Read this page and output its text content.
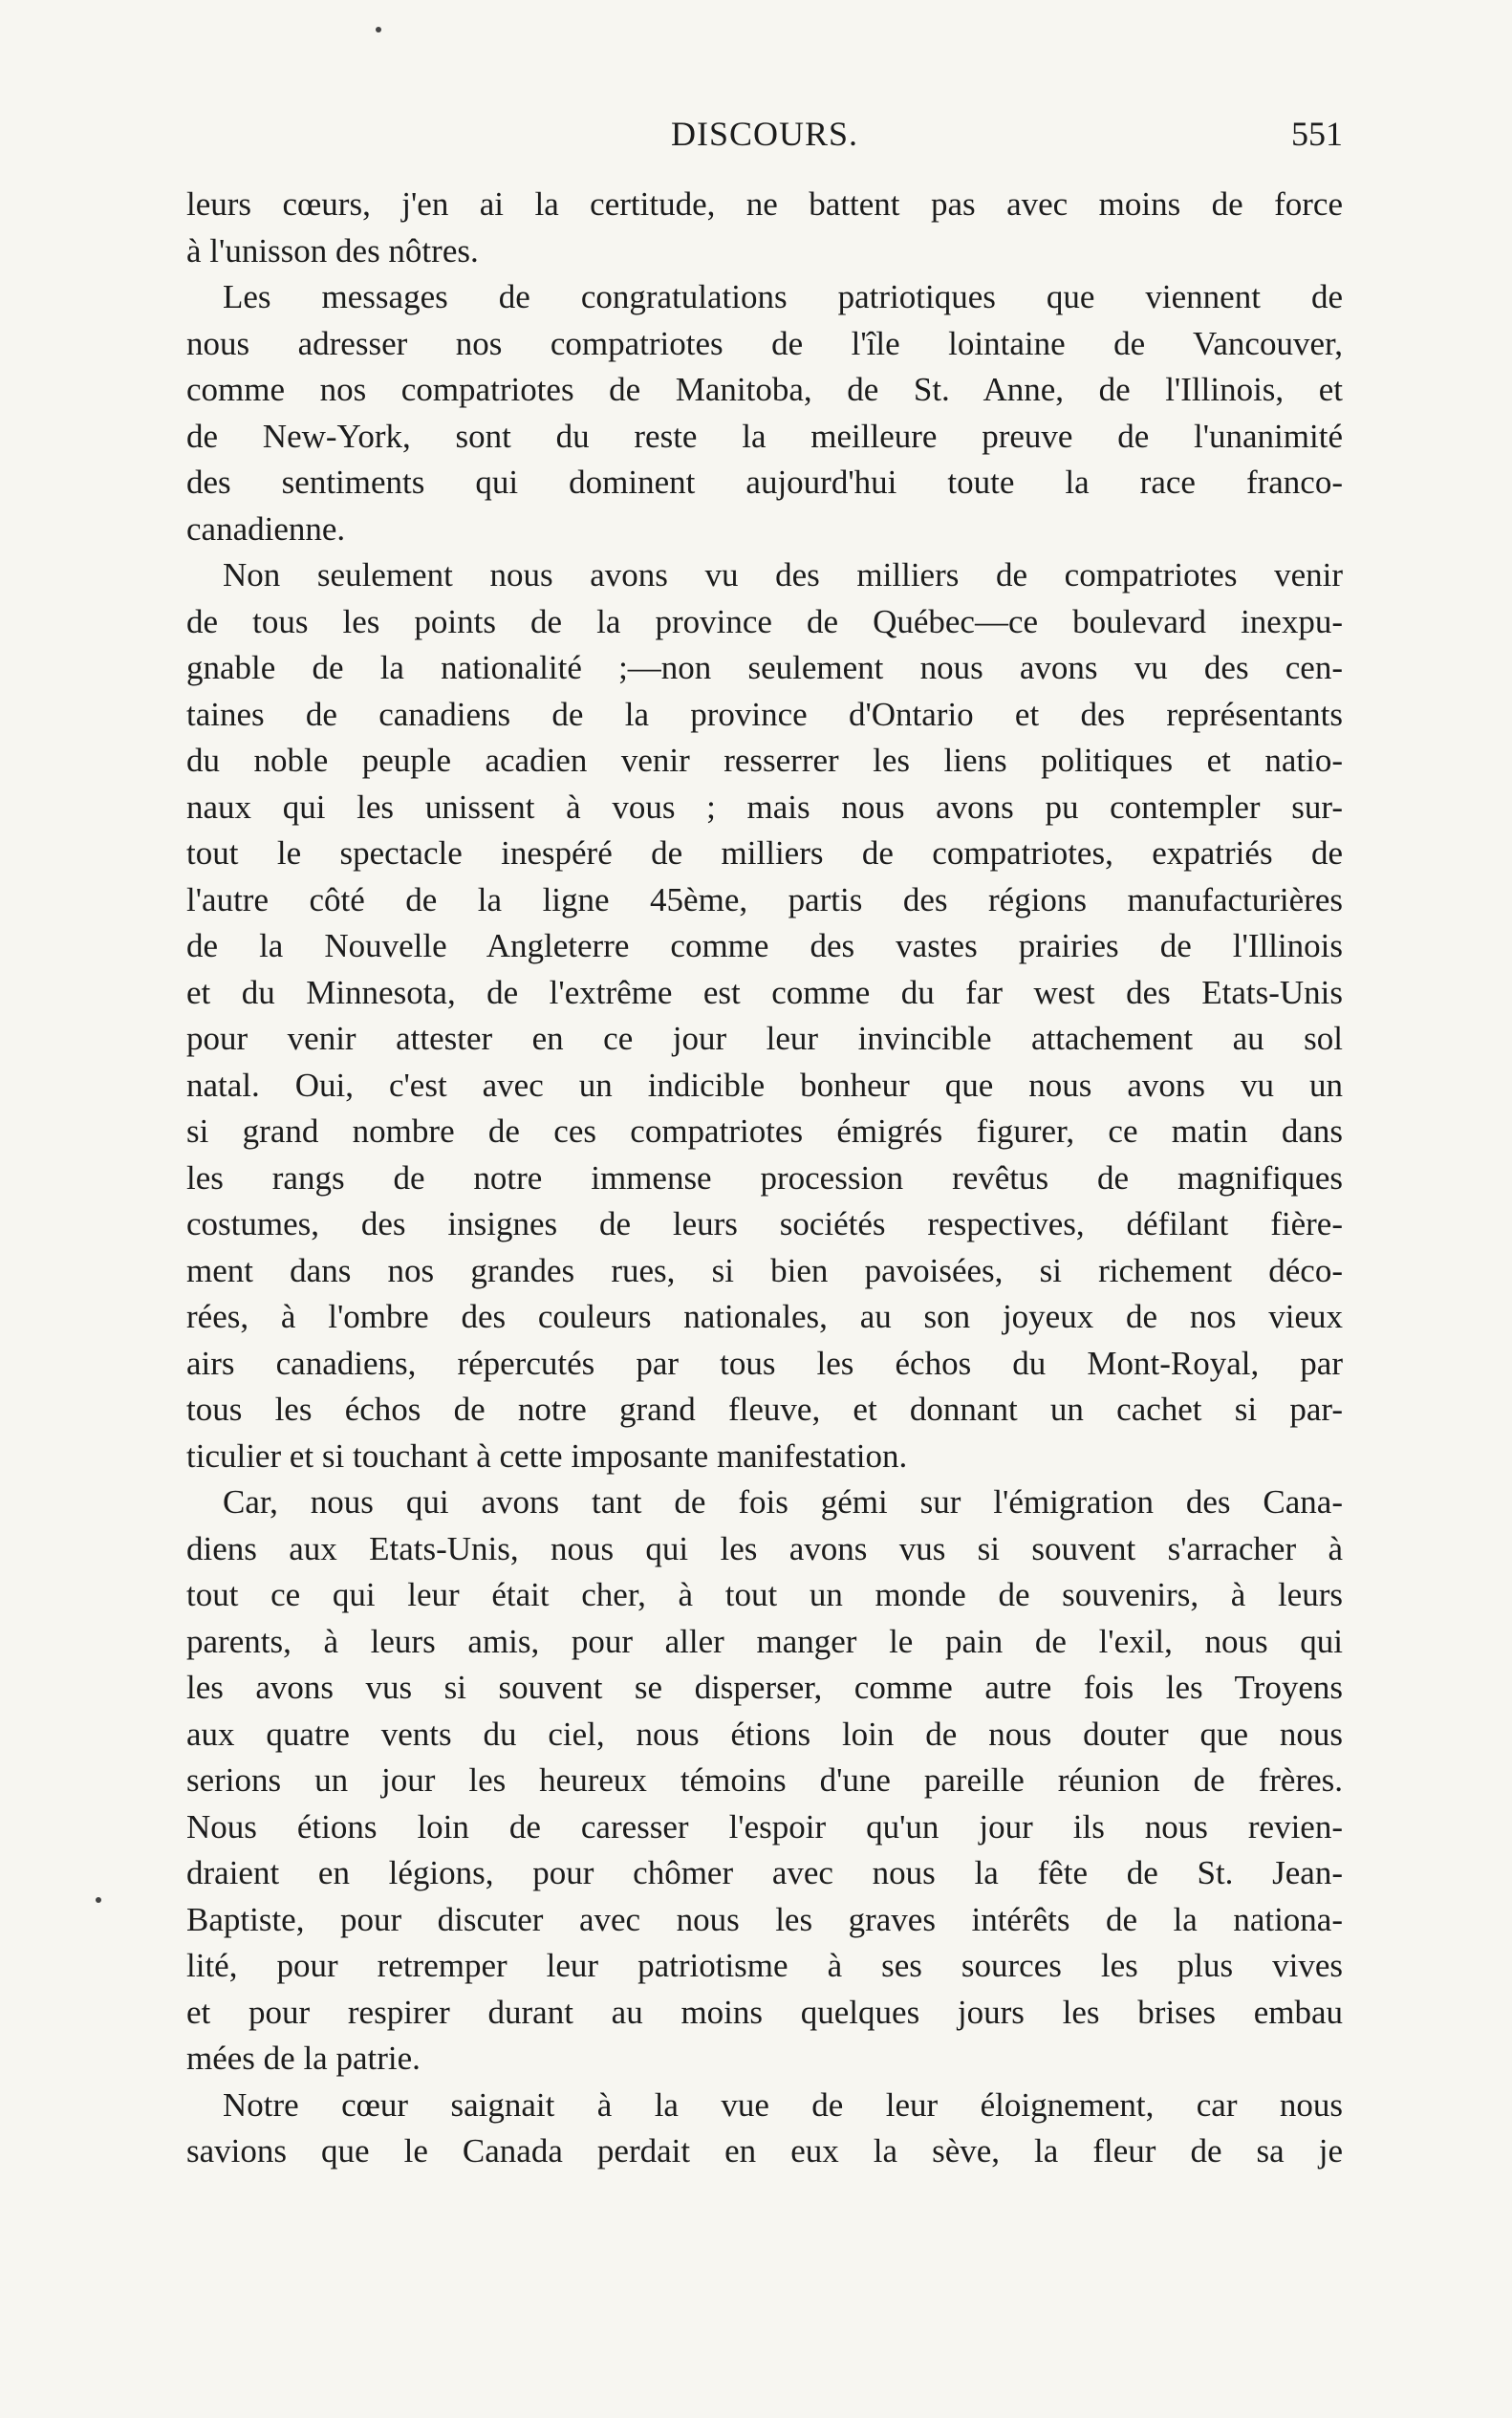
DISCOURS.	551
leurs cœurs, j'en ai la certitude, ne battent pas avec moins de force
à l'unisson des nôtres.
Les messages de congratulations patriotiques que viennent de
nous adresser nos compatriotes de l'île lointaine de Vancouver,
comme nos compatriotes de Manitoba, de St. Anne, de l'Illinois, et
de New-York, sont du reste la meilleure preuve de l'unanimité
des sentiments qui dominent aujourd'hui toute la race franco-
canadienne.
Non seulement nous avons vu des milliers de compatriotes venir
de tous les points de la province de Québec—ce boulevard inexpu-
gnable de la nationalité ;—non seulement nous avons vu des cen-
taines de canadiens de la province d'Ontario et des représentants
du noble peuple acadien venir resserrer les liens politiques et natio-
naux qui les unissent à vous ; mais nous avons pu contempler sur-
tout le spectacle inespéré de milliers de compatriotes, expatriés de
l'autre côté de la ligne 45ème, partis des régions manufacturières
de la Nouvelle Angleterre comme des vastes prairies de l'Illinois
et du Minnesota, de l'extrême est comme du far west des Etats-Unis
pour venir attester en ce jour leur invincible attachement au sol
natal. Oui, c'est avec un indicible bonheur que nous avons vu un
si grand nombre de ces compatriotes émigrés figurer, ce matin dans
les rangs de notre immense procession revêtus de magnifiques
costumes, des insignes de leurs sociétés respectives, défilant fière-
ment dans nos grandes rues, si bien pavoisées, si richement déco-
rées, à l'ombre des couleurs nationales, au son joyeux de nos vieux
airs canadiens, répercutés par tous les échos du Mont-Royal, par
tous les échos de notre grand fleuve, et donnant un cachet si par-
ticulier et si touchant à cette imposante manifestation.
Car, nous qui avons tant de fois gémi sur l'émigration des Cana-
diens aux Etats-Unis, nous qui les avons vus si souvent s'arracher à
tout ce qui leur était cher, à tout un monde de souvenirs, à leurs
parents, à leurs amis, pour aller manger le pain de l'exil, nous qui
les avons vus si souvent se disperser, comme autre fois les Troyens
aux quatre vents du ciel, nous étions loin de nous douter que nous
serions un jour les heureux témoins d'une pareille réunion de frères.
Nous étions loin de caresser l'espoir qu'un jour ils nous revien-
draient en légions, pour chômer avec nous la fête de St. Jean-
Baptiste, pour discuter avec nous les graves intérêts de la nationa-
lité, pour retremper leur patriotisme à ses sources les plus vives
et pour respirer durant au moins quelques jours les brises embau
mées de la patrie.
Notre cœur saignait à la vue de leur éloignement, car nous
savions que le Canada perdait en eux la sève, la fleur de sa je
